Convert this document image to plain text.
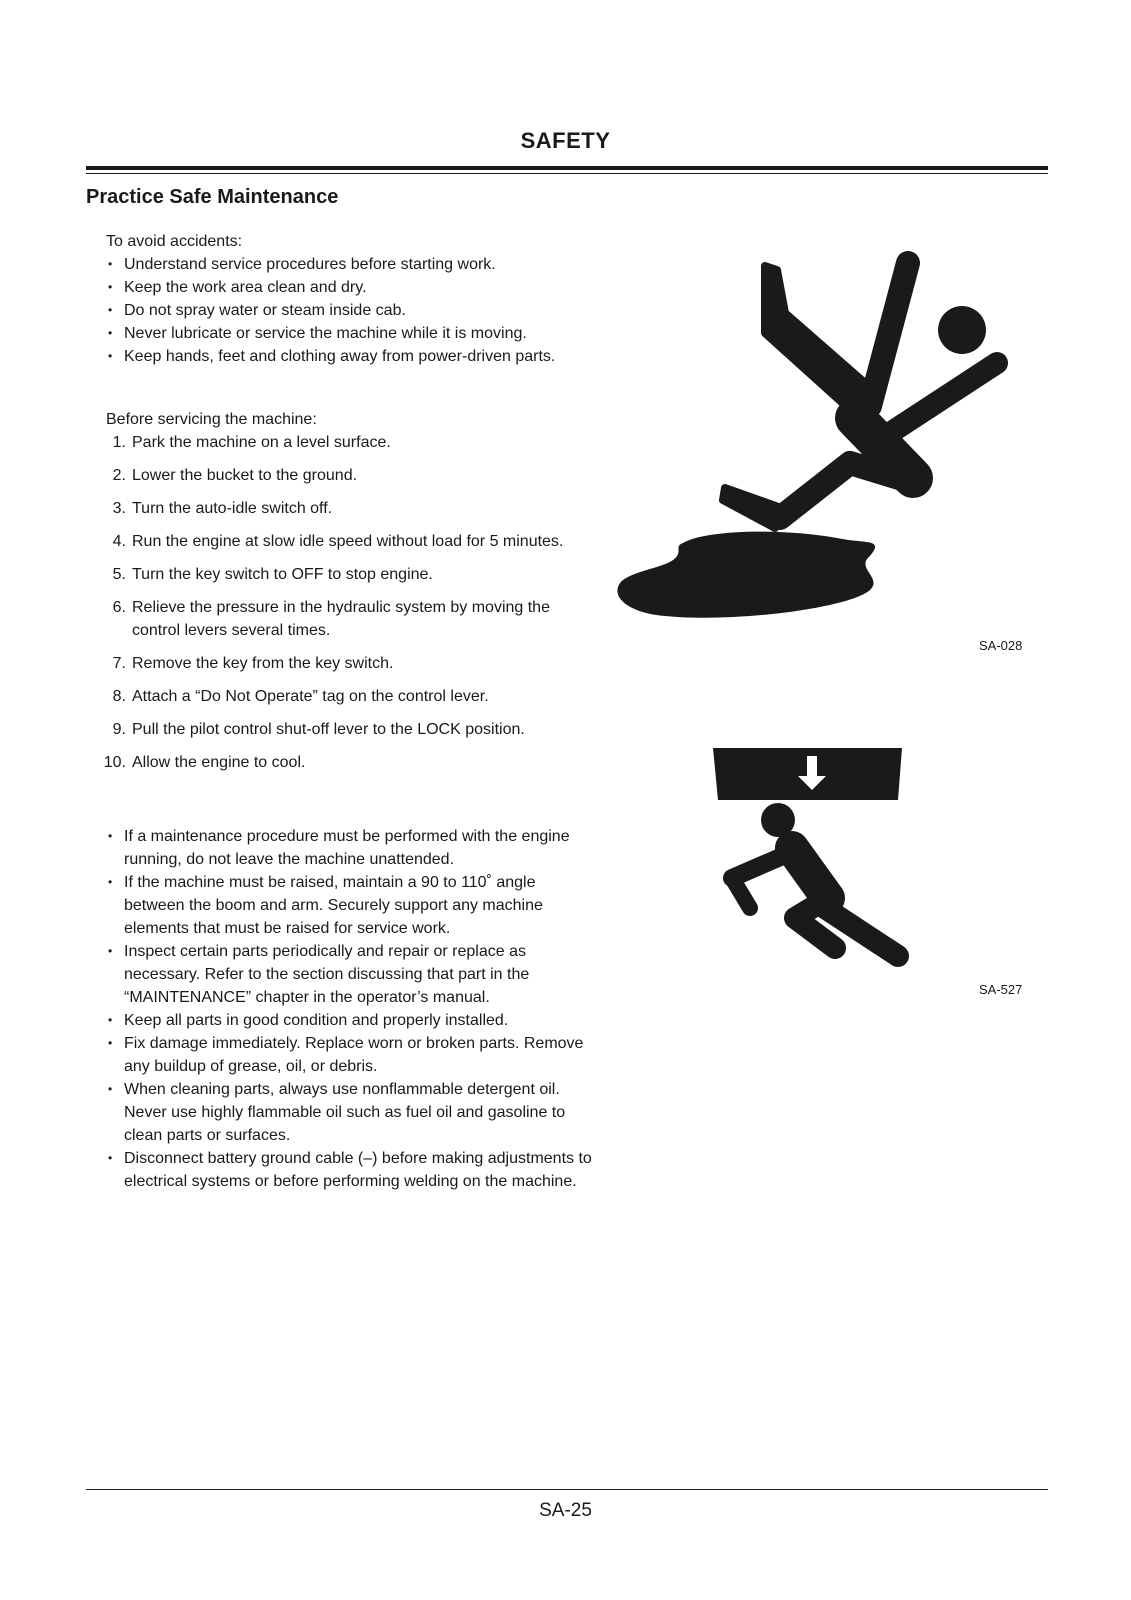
SAFETY
Practice Safe Maintenance
To avoid accidents:
• Understand service procedures before starting work.
• Keep the work area clean and dry.
• Do not spray water or steam inside cab.
• Never lubricate or service the machine while it is moving.
• Keep hands, feet and clothing away from power-driven parts.
Before servicing the machine:
1. Park the machine on a level surface.
2. Lower the bucket to the ground.
3. Turn the auto-idle switch off.
4. Run the engine at slow idle speed without load for 5 minutes.
5. Turn the key switch to OFF to stop engine.
6. Relieve the pressure in the hydraulic system by moving the control levers several times.
7. Remove the key from the key switch.
8. Attach a “Do Not Operate” tag on the control lever.
9. Pull the pilot control shut-off lever to the LOCK position.
10. Allow the engine to cool.
• If a maintenance procedure must be performed with the engine running, do not leave the machine unattended.
• If the machine must be raised, maintain a 90 to 110˚ angle between the boom and arm. Securely support any machine elements that must be raised for service work.
• Inspect certain parts periodically and repair or replace as necessary. Refer to the section discussing that part in the “MAINTENANCE” chapter in the operator’s manual.
• Keep all parts in good condition and properly installed.
• Fix damage immediately. Replace worn or broken parts. Remove any buildup of grease, oil, or debris.
• When cleaning parts, always use nonflammable detergent oil. Never use highly flammable oil such as fuel oil and gasoline to clean parts or surfaces.
• Disconnect battery ground cable (–) before making adjustments to electrical systems or before performing welding on the machine.
SA-028
SA-527
SA-25
